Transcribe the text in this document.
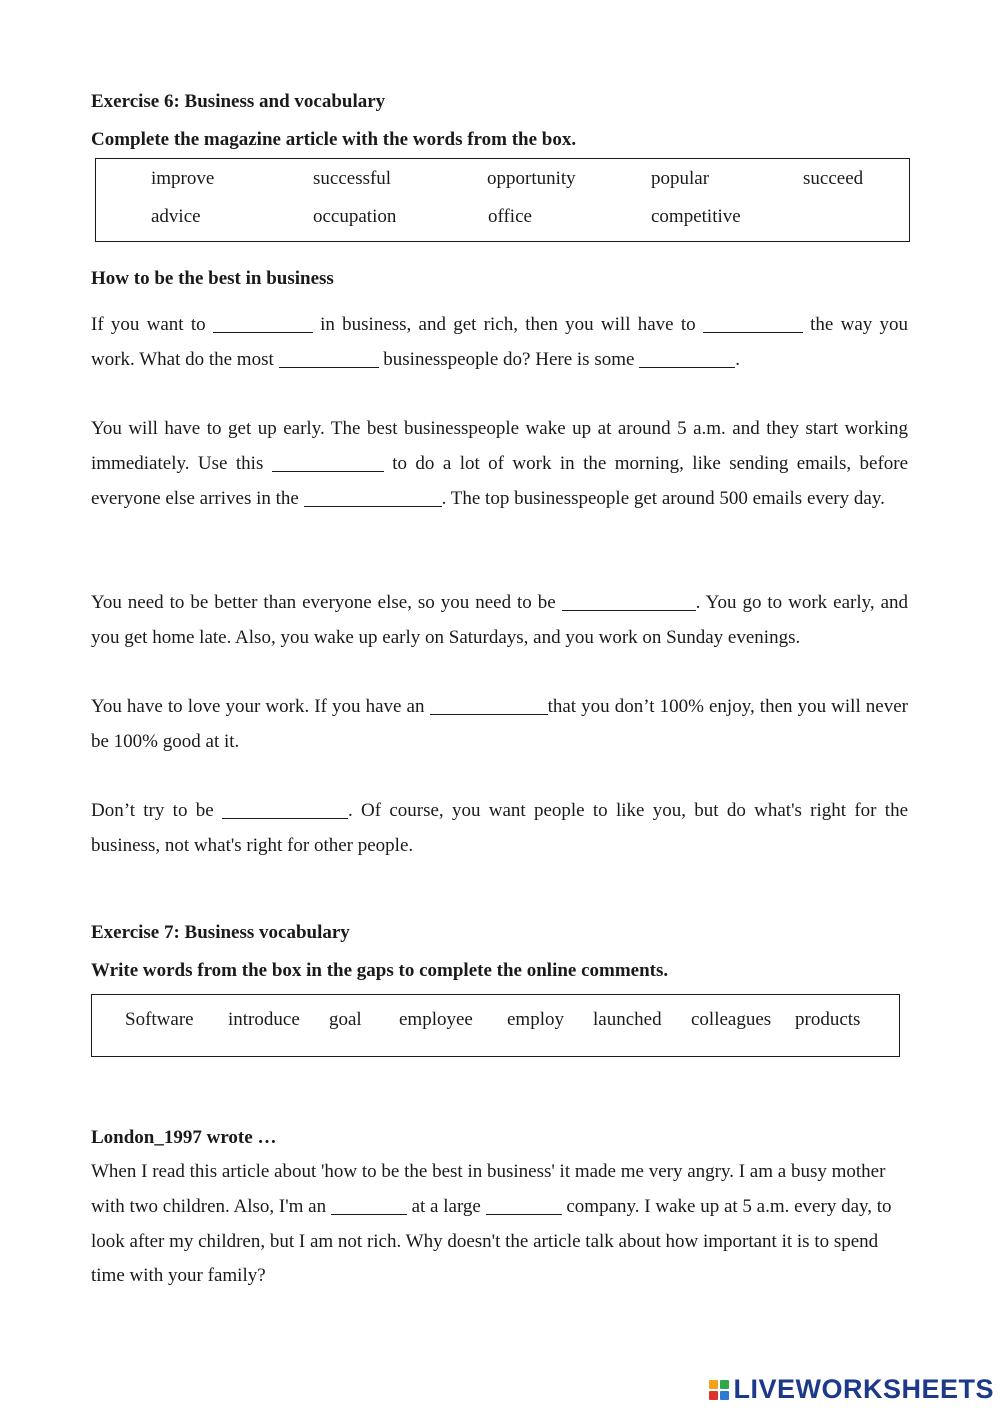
Exercise 6: Business and vocabulary
Complete the magazine article with the words from the box.
improve	successful	opportunity	popular	succeed
advice	occupation	office	competitive
How to be the best in business
If you want to	in business, and get rich, then you will have to	the way you work. What do the most	businesspeople do? Here is some	.
You will have to get up early. The best businesspeople wake up at around 5 a.m. and they start working immediately. Use this	to do a lot of work in the morning, like sending emails, before everyone else arrives in the	. The top businesspeople get around 500 emails every day.
You need to be better than everyone else, so you need to be	. You go to work early, and you get home late. Also, you wake up early on Saturdays, and you work on Sunday evenings.
You have to love your work. If you have an	that you don’t 100% enjoy, then you will never be 100% good at it.
Don’t try to be	. Of course, you want people to like you, but do what's right for the business, not what's right for other people.
Exercise 7: Business vocabulary
Write words from the box in the gaps to complete the online comments.
Software introduce goal employee employ launched colleagues products
London_1997 wrote …
When I read this article about 'how to be the best in business' it made me very angry. I am a busy mother with two children. Also, I'm an	at a large	company. I wake up at 5 a.m. every day, to look after my children, but I am not rich. Why doesn't the article talk about how important it is to spend time with your family?
LIVEWORKSHEETS
